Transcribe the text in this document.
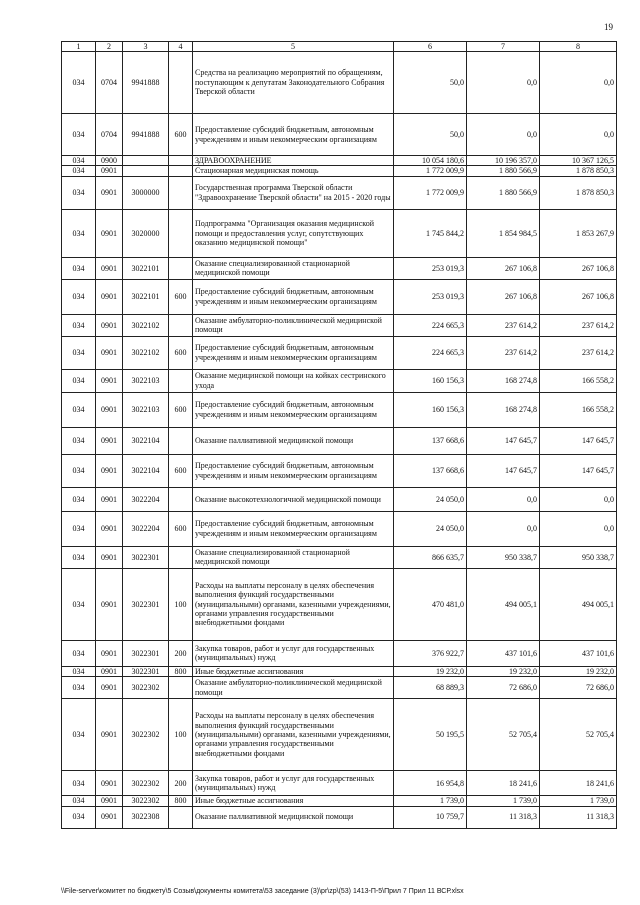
19
1	2	3	4	5	6	7	8
034	0704	9941888		Средства на реализацию мероприятий по обращениям, поступающим к депутатам Законодательного Собрания Тверской области	50,0	0,0	0,0
034	0704	9941888	600	Предоставление субсидий бюджетным, автономным учреждениям и иным некоммерческим организациям	50,0	0,0	0,0
034	0900			ЗДРАВООХРАНЕНИЕ	10 054 180,6	10 196 357,0	10 367 126,5
034	0901			Стационарная медицинская помощь	1 772 009,9	1 880 566,9	1 878 850,3
034	0901	3000000		Государственная программа Тверской области "Здравоохранение Тверской области" на 2015 - 2020 годы	1 772 009,9	1 880 566,9	1 878 850,3
034	0901	3020000		Подпрограмма "Организация оказания медицинской помощи и предоставления услуг, сопутствующих оказанию медицинской помощи"	1 745 844,2	1 854 984,5	1 853 267,9
034	0901	3022101		Оказание специализированной стационарной медицинской помощи	253 019,3	267 106,8	267 106,8
034	0901	3022101	600	Предоставление субсидий бюджетным, автономным учреждениям и иным некоммерческим организациям	253 019,3	267 106,8	267 106,8
034	0901	3022102		Оказание амбулаторно-поликлинической медицинской помощи	224 665,3	237 614,2	237 614,2
034	0901	3022102	600	Предоставление субсидий бюджетным, автономным учреждениям и иным некоммерческим организациям	224 665,3	237 614,2	237 614,2
034	0901	3022103		Оказание медицинской помощи на койках сестринского ухода	160 156,3	168 274,8	166 558,2
034	0901	3022103	600	Предоставление субсидий бюджетным, автономным учреждениям и иным некоммерческим организациям	160 156,3	168 274,8	166 558,2
034	0901	3022104		Оказание паллиативной медицинской помощи	137 668,6	147 645,7	147 645,7
034	0901	3022104	600	Предоставление субсидий бюджетным, автономным учреждениям и иным некоммерческим организациям	137 668,6	147 645,7	147 645,7
034	0901	3022204		Оказание высокотехнологичной медицинской помощи	24 050,0	0,0	0,0
034	0901	3022204	600	Предоставление субсидий бюджетным, автономным учреждениям и иным некоммерческим организациям	24 050,0	0,0	0,0
034	0901	3022301		Оказание специализированной стационарной медицинской помощи	866 635,7	950 338,7	950 338,7
034	0901	3022301	100	Расходы на выплаты персоналу в целях обеспечения выполнения функций государственными (муниципальными) органами, казенными учреждениями, органами управления государственными внебюджетными фондами	470 481,0	494 005,1	494 005,1
034	0901	3022301	200	Закупка товаров, работ и услуг для государственных (муниципальных) нужд	376 922,7	437 101,6	437 101,6
034	0901	3022301	800	Иные бюджетные ассигнования	19 232,0	19 232,0	19 232,0
034	0901	3022302		Оказание амбулаторно-поликлинической медицинской помощи	68 889,3	72 686,0	72 686,0
034	0901	3022302	100	Расходы на выплаты персоналу в целях обеспечения выполнения функций государственными (муниципальными) органами, казенными учреждениями, органами управления государственными внебюджетными фондами	50 195,5	52 705,4	52 705,4
034	0901	3022302	200	Закупка товаров, работ и услуг для государственных (муниципальных) нужд	16 954,8	18 241,6	18 241,6
034	0901	3022302	800	Иные бюджетные ассигнования	1 739,0	1 739,0	1 739,0
034	0901	3022308		Оказание паллиативной медицинской помощи	10 759,7	11 318,3	11 318,3
\\File-server\комитет по бюджету\5 Созыв\документы комитета\53 заседание (3)\pr\zp\(53) 1413-П-5\Прил 7 Прил 11 ВСР.xlsx
